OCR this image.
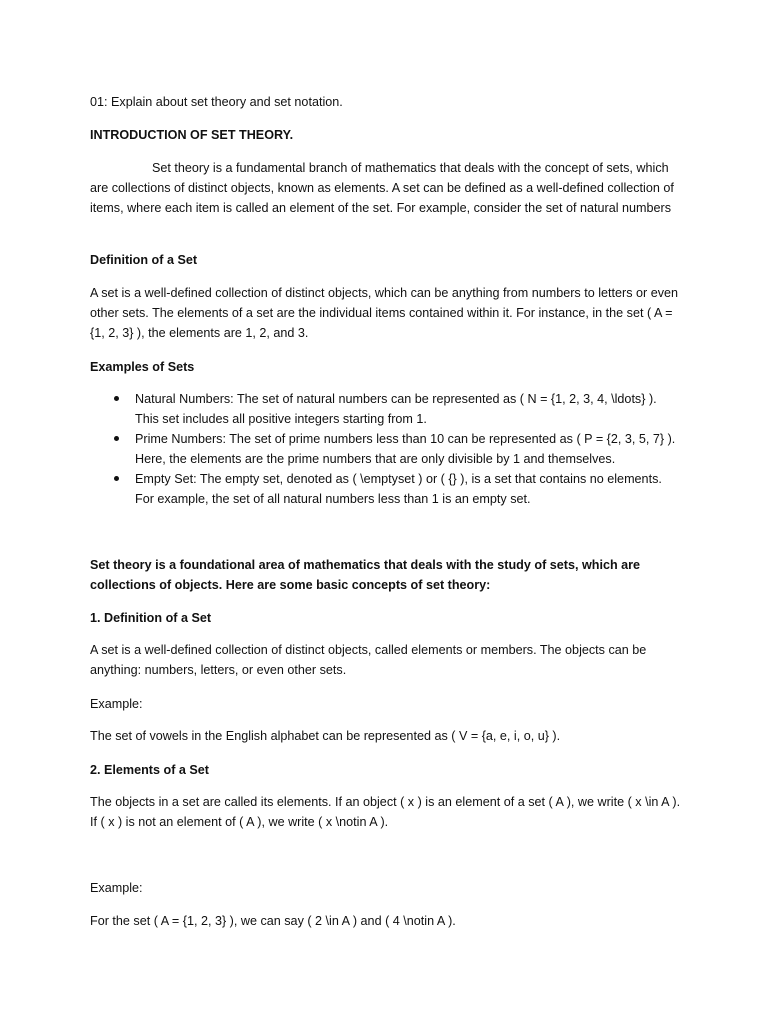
01: Explain about set theory and set notation.

INTRODUCTION OF SET THEORY.

Set theory is a fundamental branch of mathematics that deals with the concept of sets, which are collections of distinct objects, known as elements. A set can be defined as a well-defined collection of items, where each item is called an element of the set. For example, consider the set of natural numbers

Definition of a Set

A set is a well-defined collection of distinct objects, which can be anything from numbers to letters or even other sets. The elements of a set are the individual items contained within it. For instance, in the set ( A = {1, 2, 3} ), the elements are 1, 2, and 3.

Examples of Sets

Natural Numbers: The set of natural numbers can be represented as ( N = {1, 2, 3, 4, \ldots} ). This set includes all positive integers starting from 1.
Prime Numbers: The set of prime numbers less than 10 can be represented as ( P = {2, 3, 5, 7} ). Here, the elements are the prime numbers that are only divisible by 1 and themselves.
Empty Set: The empty set, denoted as ( \emptyset ) or ( {} ), is a set that contains no elements. For example, the set of all natural numbers less than 1 is an empty set.

Set theory is a foundational area of mathematics that deals with the study of sets, which are collections of objects. Here are some basic concepts of set theory:

1. Definition of a Set

A set is a well-defined collection of distinct objects, called elements or members. The objects can be anything: numbers, letters, or even other sets.

Example:

The set of vowels in the English alphabet can be represented as ( V = {a, e, i, o, u} ).

2. Elements of a Set

The objects in a set are called its elements. If an object ( x ) is an element of a set ( A ), we write ( x \in A ). If ( x ) is not an element of ( A ), we write ( x \notin A ).

Example:

For the set ( A = {1, 2, 3} ), we can say ( 2 \in A ) and ( 4 \notin A ).
